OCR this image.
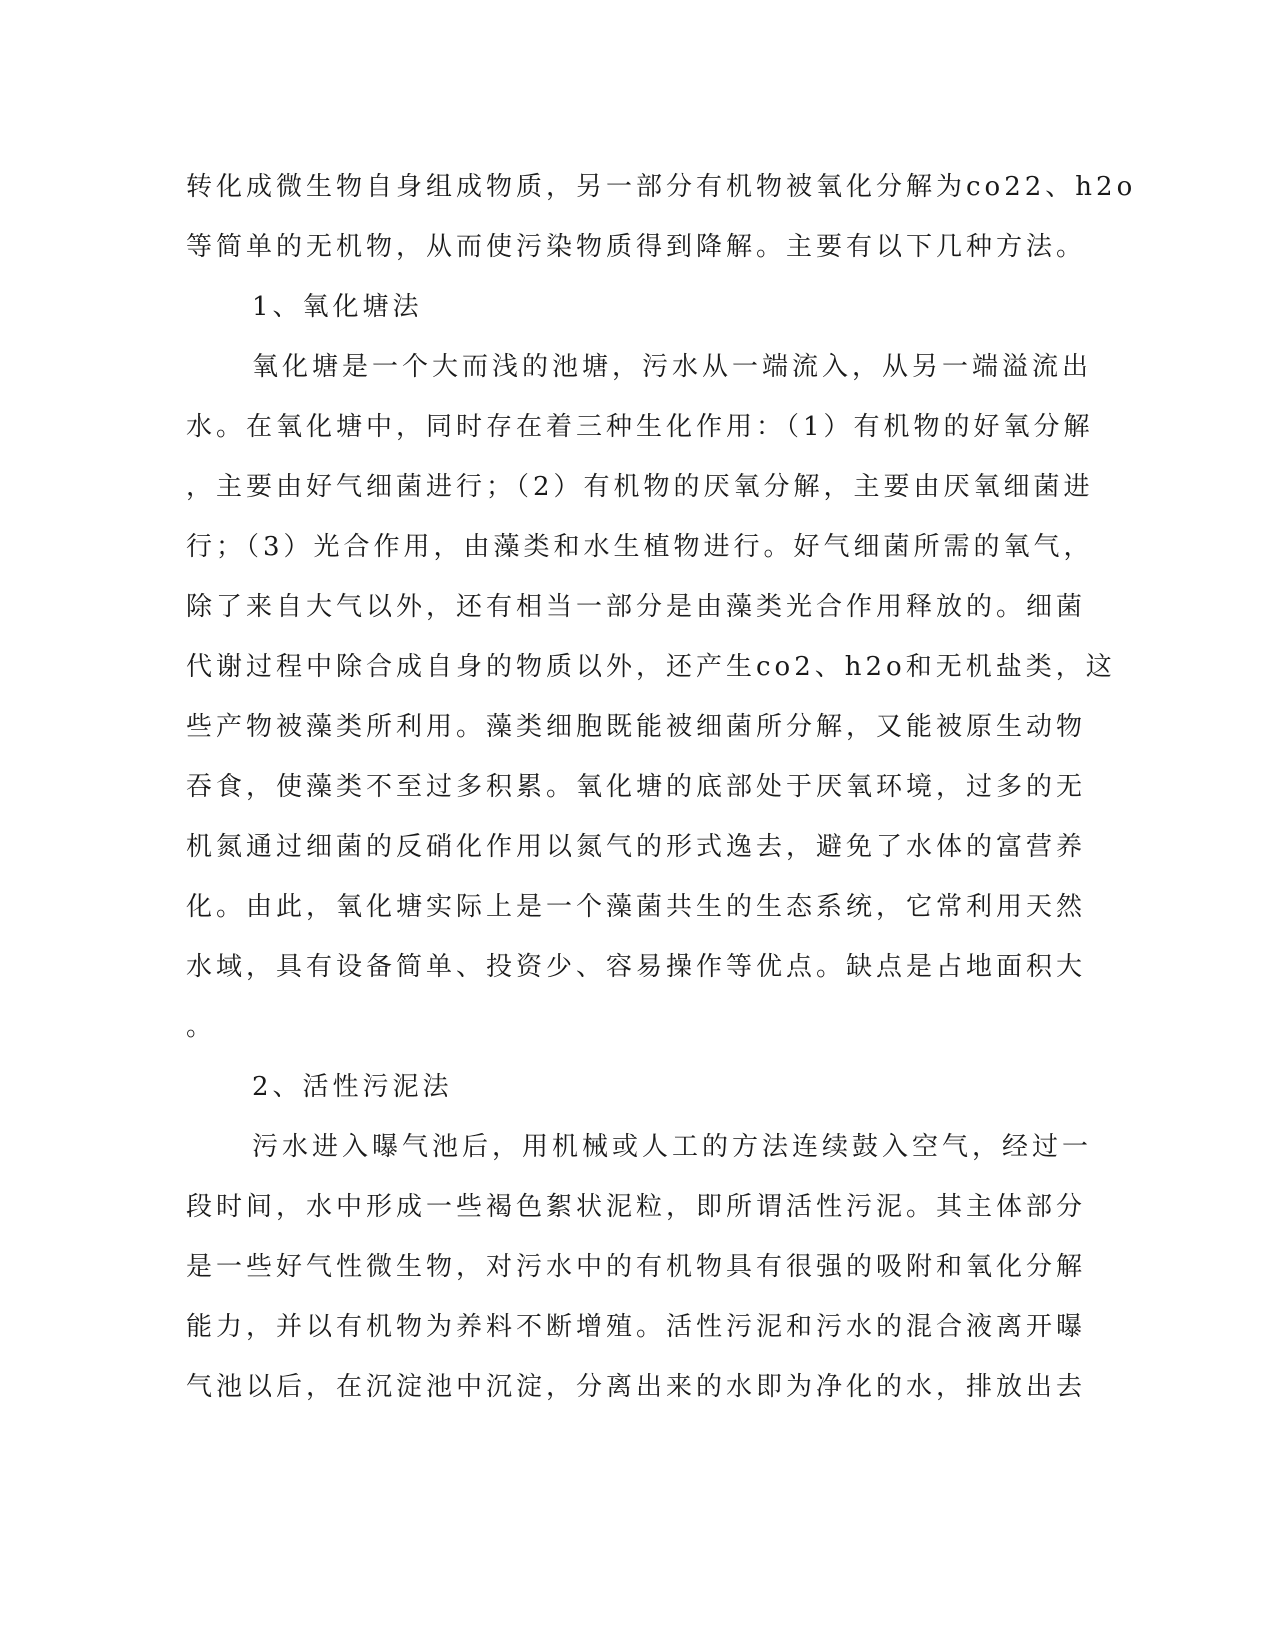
转化成微生物自身组成物质，另一部分有机物被氧化分解为co22、h2o
等简单的无机物，从而使污染物质得到降解。主要有以下几种方法。
1、氧化塘法
氧化塘是一个大而浅的池塘，污水从一端流入，从另一端溢流出
水。在氧化塘中，同时存在着三种生化作用：（1）有机物的好氧分解
，主要由好气细菌进行；（2）有机物的厌氧分解，主要由厌氧细菌进
行；（3）光合作用，由藻类和水生植物进行。好气细菌所需的氧气，
除了来自大气以外，还有相当一部分是由藻类光合作用释放的。细菌
代谢过程中除合成自身的物质以外，还产生co2、h2o和无机盐类，这
些产物被藻类所利用。藻类细胞既能被细菌所分解，又能被原生动物
吞食，使藻类不至过多积累。氧化塘的底部处于厌氧环境，过多的无
机氮通过细菌的反硝化作用以氮气的形式逸去，避免了水体的富营养
化。由此，氧化塘实际上是一个藻菌共生的生态系统，它常利用天然
水域，具有设备简单、投资少、容易操作等优点。缺点是占地面积大
。
2、活性污泥法
污水进入曝气池后，用机械或人工的方法连续鼓入空气，经过一
段时间，水中形成一些褐色絮状泥粒，即所谓活性污泥。其主体部分
是一些好气性微生物，对污水中的有机物具有很强的吸附和氧化分解
能力，并以有机物为养料不断增殖。活性污泥和污水的混合液离开曝
气池以后，在沉淀池中沉淀，分离出来的水即为净化的水，排放出去
